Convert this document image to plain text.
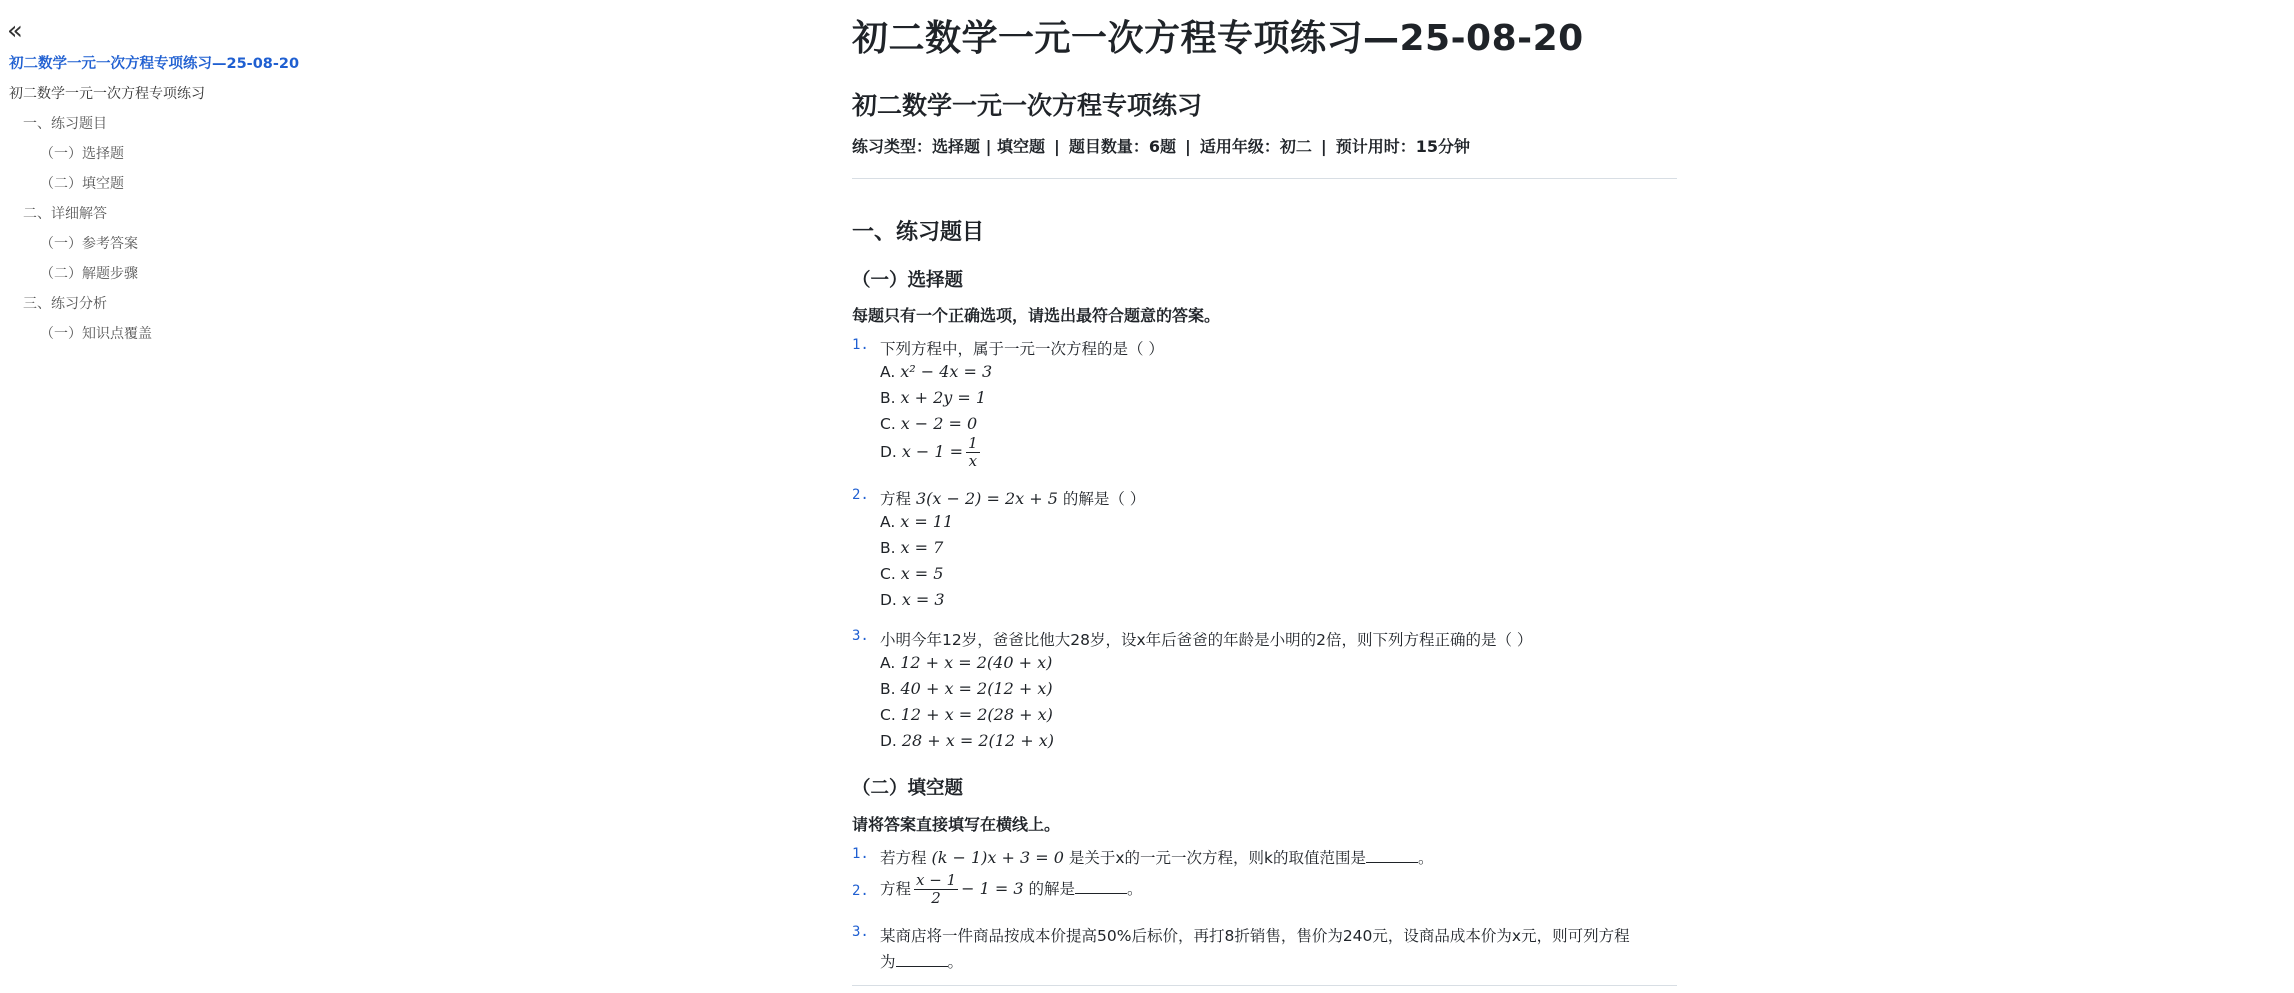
«
初二数学一元一次方程专项练习—25-08-20
初二数学一元一次方程专项练习
一、练习题目
（一）选择题
（二）填空题
二、详细解答
（一）参考答案
（二）解题步骤
三、练习分析
（一）知识点覆盖
初二数学一元一次方程专项练习—25-08-20
初二数学一元一次方程专项练习
练习类型：选择题 | 填空题 | 题目数量：6题 | 适用年级：初二 | 预计用时：15分钟
一、练习题目
（一）选择题
每题只有一个正确选项，请选出最符合题意的答案。
1. 下列方程中，属于一元一次方程的是（ ）
A. x² − 4x = 3
B. x + 2y = 1
C. x − 2 = 0
D. $x - 1 = \frac{1}{x}$
2. 方程 3(x − 2) = 2x + 5 的解是（ ）
A. x = 11
B. x = 7
C. x = 5
D. x = 3
3. 小明今年12岁，爸爸比他大28岁，设x年后爸爸的年龄是小明的2倍，则下列方程正确的是（ ）
A. 12 + x = 2(40 + x)
B. 40 + x = 2(12 + x)
C. 12 + x = 2(28 + x)
D. 28 + x = 2(12 + x)
（二）填空题
请将答案直接填写在横线上。
1. 若方程 (k − 1)x + 3 = 0 是关于x的一元一次方程，则k的取值范围是	。
2. 方程 $\frac{x - 1}{2} - 1 = 3$ 的解是	。
3. 某商店将一件商品按成本价提高50%后标价，再打8折销售，售价为240元，设商品成本价为x元，则可列方程
为	。
